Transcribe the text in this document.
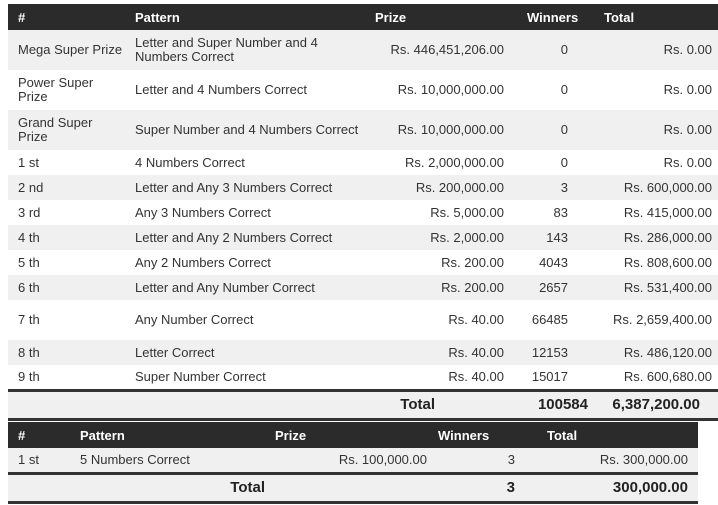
#	Pattern	Prize	Winners	Total
Mega Super Prize	Letter and Super Number and 4 Numbers Correct	Rs. 446,451,206.00	0	Rs. 0.00
Power Super Prize	Letter and 4 Numbers Correct	Rs. 10,000,000.00	0	Rs. 0.00
Grand Super Prize	Super Number and 4 Numbers Correct	Rs. 10,000,000.00	0	Rs. 0.00
1 st	4 Numbers Correct	Rs. 2,000,000.00	0	Rs. 0.00
2 nd	Letter and Any 3 Numbers Correct	Rs. 200,000.00	3	Rs. 600,000.00
3 rd	Any 3 Numbers Correct	Rs. 5,000.00	83	Rs. 415,000.00
4 th	Letter and Any 2 Numbers Correct	Rs. 2,000.00	143	Rs. 286,000.00
5 th	Any 2 Numbers Correct	Rs. 200.00	4043	Rs. 808,600.00
6 th	Letter and Any Number Correct	Rs. 200.00	2657	Rs. 531,400.00
7 th	Any Number Correct	Rs. 40.00	66485	Rs. 2,659,400.00
8 th	Letter Correct	Rs. 40.00	12153	Rs. 486,120.00
9 th	Super Number Correct	Rs. 40.00	15017	Rs. 600,680.00
		Total	100584	6,387,200.00
#	Pattern	Prize	Winners	Total
1 st	5 Numbers Correct	Rs. 100,000.00	3	Rs. 300,000.00
	Total		3	300,000.00
